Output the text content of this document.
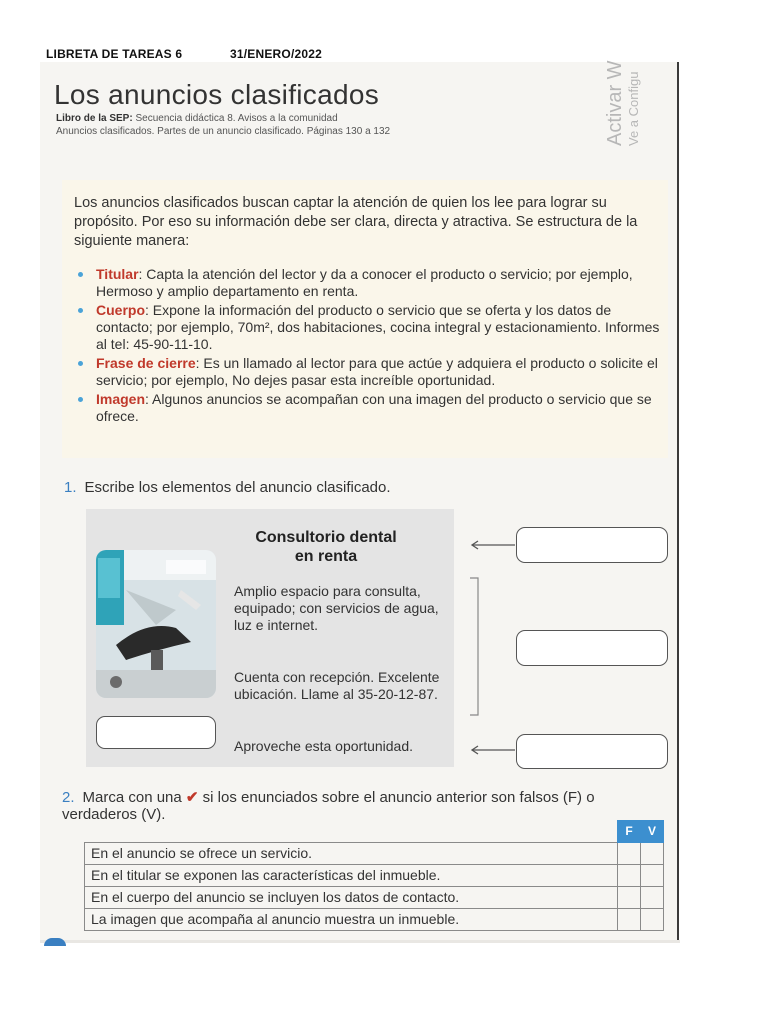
LIBRETA DE TAREAS 6	31/ENERO/2022
Activar W Ve a Configu
Los anuncios clasificados
Libro de la SEP: Secuencia didáctica 8. Avisos a la comunidad
Anuncios clasificados. Partes de un anuncio clasificado. Páginas 130 a 132
Los anuncios clasificados buscan captar la atención de quien los lee para lograr su propósito. Por eso su información debe ser clara, directa y atractiva. Se estructura de la siguiente manera:
Titular: Capta la atención del lector y da a conocer el producto o servicio; por ejemplo, Hermoso y amplio departamento en renta.
Cuerpo: Expone la información del producto o servicio que se oferta y los datos de contacto; por ejemplo, 70m², dos habitaciones, cocina integral y estacionamiento. Informes al tel: 45-90-11-10.
Frase de cierre: Es un llamado al lector para que actúe y adquiera el producto o solicite el servicio; por ejemplo, No dejes pasar esta increíble oportunidad.
Imagen: Algunos anuncios se acompañan con una imagen del producto o servicio que se ofrece.
1. Escribe los elementos del anuncio clasificado.
Consultorio dental
en renta
Amplio espacio para consulta, equipado; con servicios de agua, luz e internet.
Cuenta con recepción. Excelente ubicación. Llame al 35-20-12-87.
Aproveche esta oportunidad.
2. Marca con una ✔ si los enunciados sobre el anuncio anterior son falsos (F) o verdaderos (V).
	F	V
En el anuncio se ofrece un servicio.		
En el titular se exponen las características del inmueble.		
En el cuerpo del anuncio se incluyen los datos de contacto.		
La imagen que acompaña al anuncio muestra un inmueble.		
